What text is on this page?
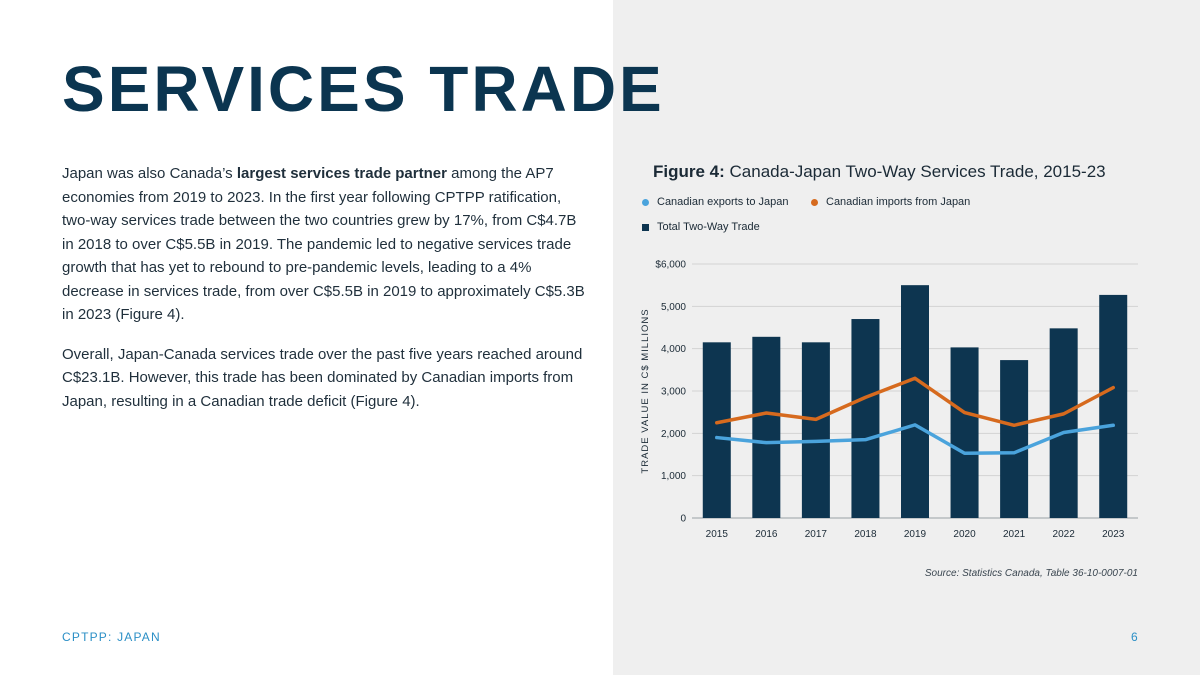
SERVICES TRADE

Japan was also Canada’s largest services trade partner among the AP7 economies from 2019 to 2023. In the first year following CPTPP ratification, two-way services trade between the two countries grew by 17%, from C$4.7B in 2018 to over C$5.5B in 2019. The pandemic led to negative services trade growth that has yet to rebound to pre-pandemic levels, leading to a 4% decrease in services trade, from over C$5.5B in 2019 to approximately C$5.3B in 2023 (Figure 4).

Overall, Japan-Canada services trade over the past five years reached around C$23.1B. However, this trade has been dominated by Canadian imports from Japan, resulting in a Canadian trade deficit (Figure 4).

CPTPP: JAPAN	6
Figure 4: Canada-Japan Two-Way Services Trade, 2015-23
Canadian exports to Japan	Canadian imports from Japan
Total Two-Way Trade
0
1,000
2,000
3,000
4,000
5,000
$6,000
TRADE VALUE IN C$ MILLIONS
2015	2016	2017	2018	2019	2020	2021	2022	2023
Source: Statistics Canada, Table 36-10-0007-01
